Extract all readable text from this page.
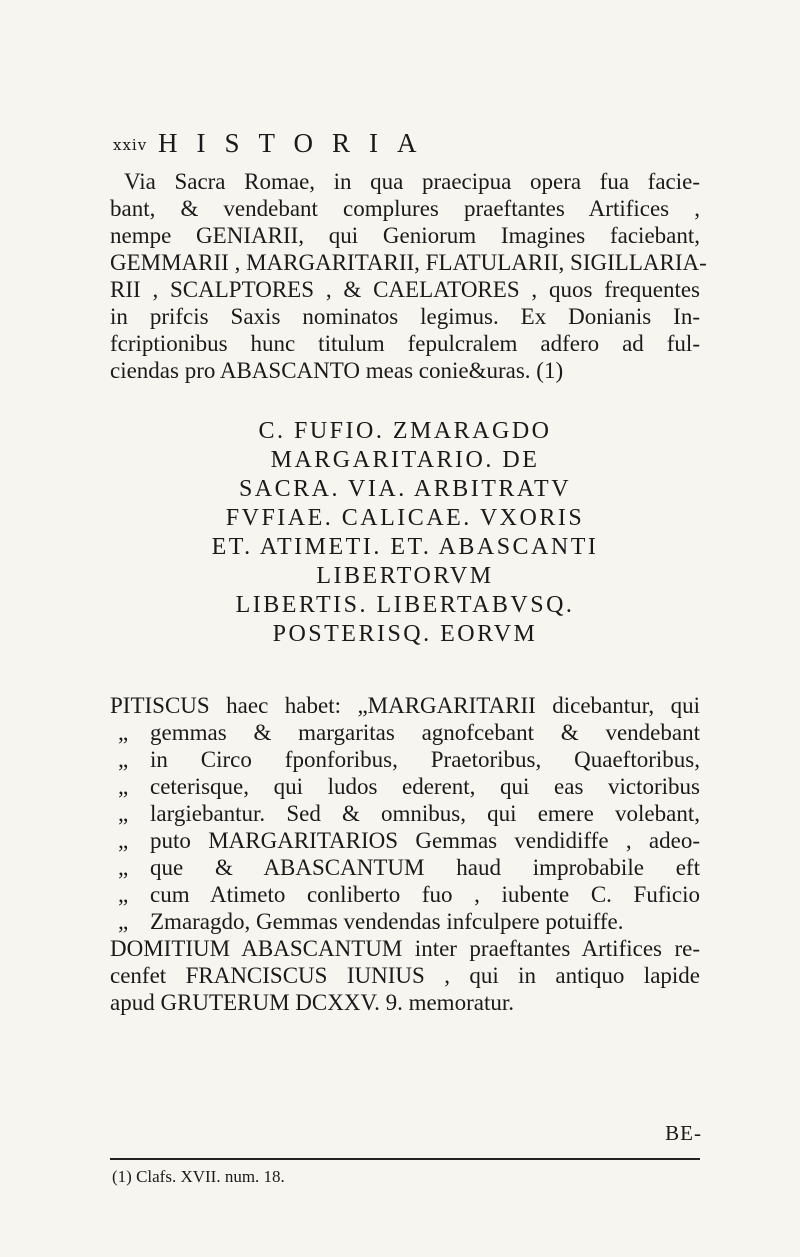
xxiv HISTORIA
Via Sacra Romae, in qua praecipua opera fua facie-
bant, & vendebant complures praeftantes Artifices ,
nempe GENIARII, qui Geniorum Imagines faciebant,
GEMMARII , MARGARITARII, FLATULARII, SIGILLARIA-
RII , SCALPTORES , & CAELATORES , quos frequentes
in prifcis Saxis nominatos legimus. Ex Donianis In-
fcriptionibus hunc titulum fepulcralem adfero ad ful-
ciendas pro ABASCANTO meas conie&uras. (1)
C. FUFIO. ZMARAGDO
MARGARITARIO. DE
SACRA. VIA. ARBITRATV
FVFIAE. CALICAE. VXORIS
ET. ATIMETI. ET. ABASCANTI
LIBERTORVM
LIBERTIS. LIBERTABVSQ.
POSTERISQ. EORVM
PITISCUS haec habet: „MARGARITARII dicebantur, qui
„ gemmas & margaritas agnofcebant & vendebant
„ in Circo fponforibus, Praetoribus, Quaeftoribus,
„ ceterisque, qui ludos ederent, qui eas victoribus
„ largiebantur. Sed & omnibus, qui emere volebant,
„ puto MARGARITARIOS Gemmas vendidiffe , adeo-
„ que & ABASCANTUM haud improbabile eft
„ cum Atimeto conliberto fuo , iubente C. Fuficio
„ Zmaragdo, Gemmas vendendas infculpere potuiffe.
DOMITIUM ABASCANTUM inter praeftantes Artifices re-
cenfet FRANCISCUS IUNIUS , qui in antiquo lapide
apud GRUTERUM DCXXV. 9. memoratur.
BE-
(1) Clafs. XVII. num. 18.
